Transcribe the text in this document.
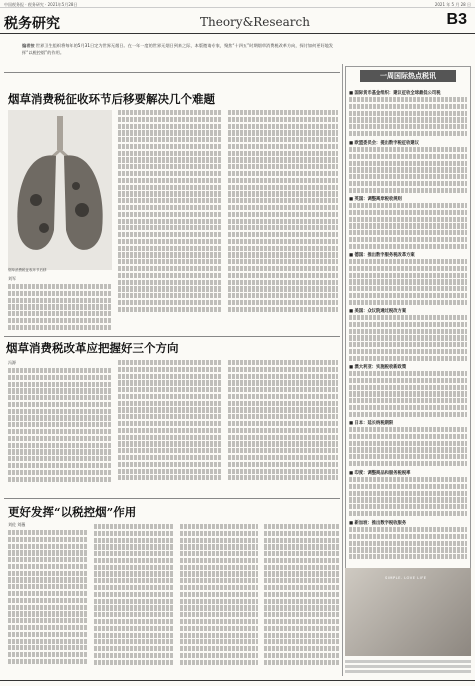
中国税务报 · 税务研究 · 2021年5月28日	2021 年 5 月 28 日
税务研究	Theory&Research	B3
编者按 世界卫生组织将每年的5月31日定为世界无烟日。在一年一度的世界无烟日到来之际，本版邀请专家，聚焦“十四五”时期烟草消费税改革方向，探讨如何更好地发挥“以税控烟”的作用。
烟草消费税征收环节后移要解决几个难题
烟草消费税征收环节后移
刘军
烟草消费税改革应把握好三个方向
冯源
更好发挥“以税控烟”作用
刘佐 刘薇
一周国际热点税讯
■ 国际货币基金组织：建议征收全球最低公司税
■ 欧盟委员会：提出数字税征收建议
■ 英国：调整离岸税收规则
■ 德国：推出数字服务税改革方案
■ 美国：众议院通过税改方案
■ 澳大利亚：实施税收新政策
■ 日本：延长纳税期限
■ 印度：调整商品和服务税税率
■ 新加坡：推出数字税收服务
SIMPLE. LOVE LIFE
